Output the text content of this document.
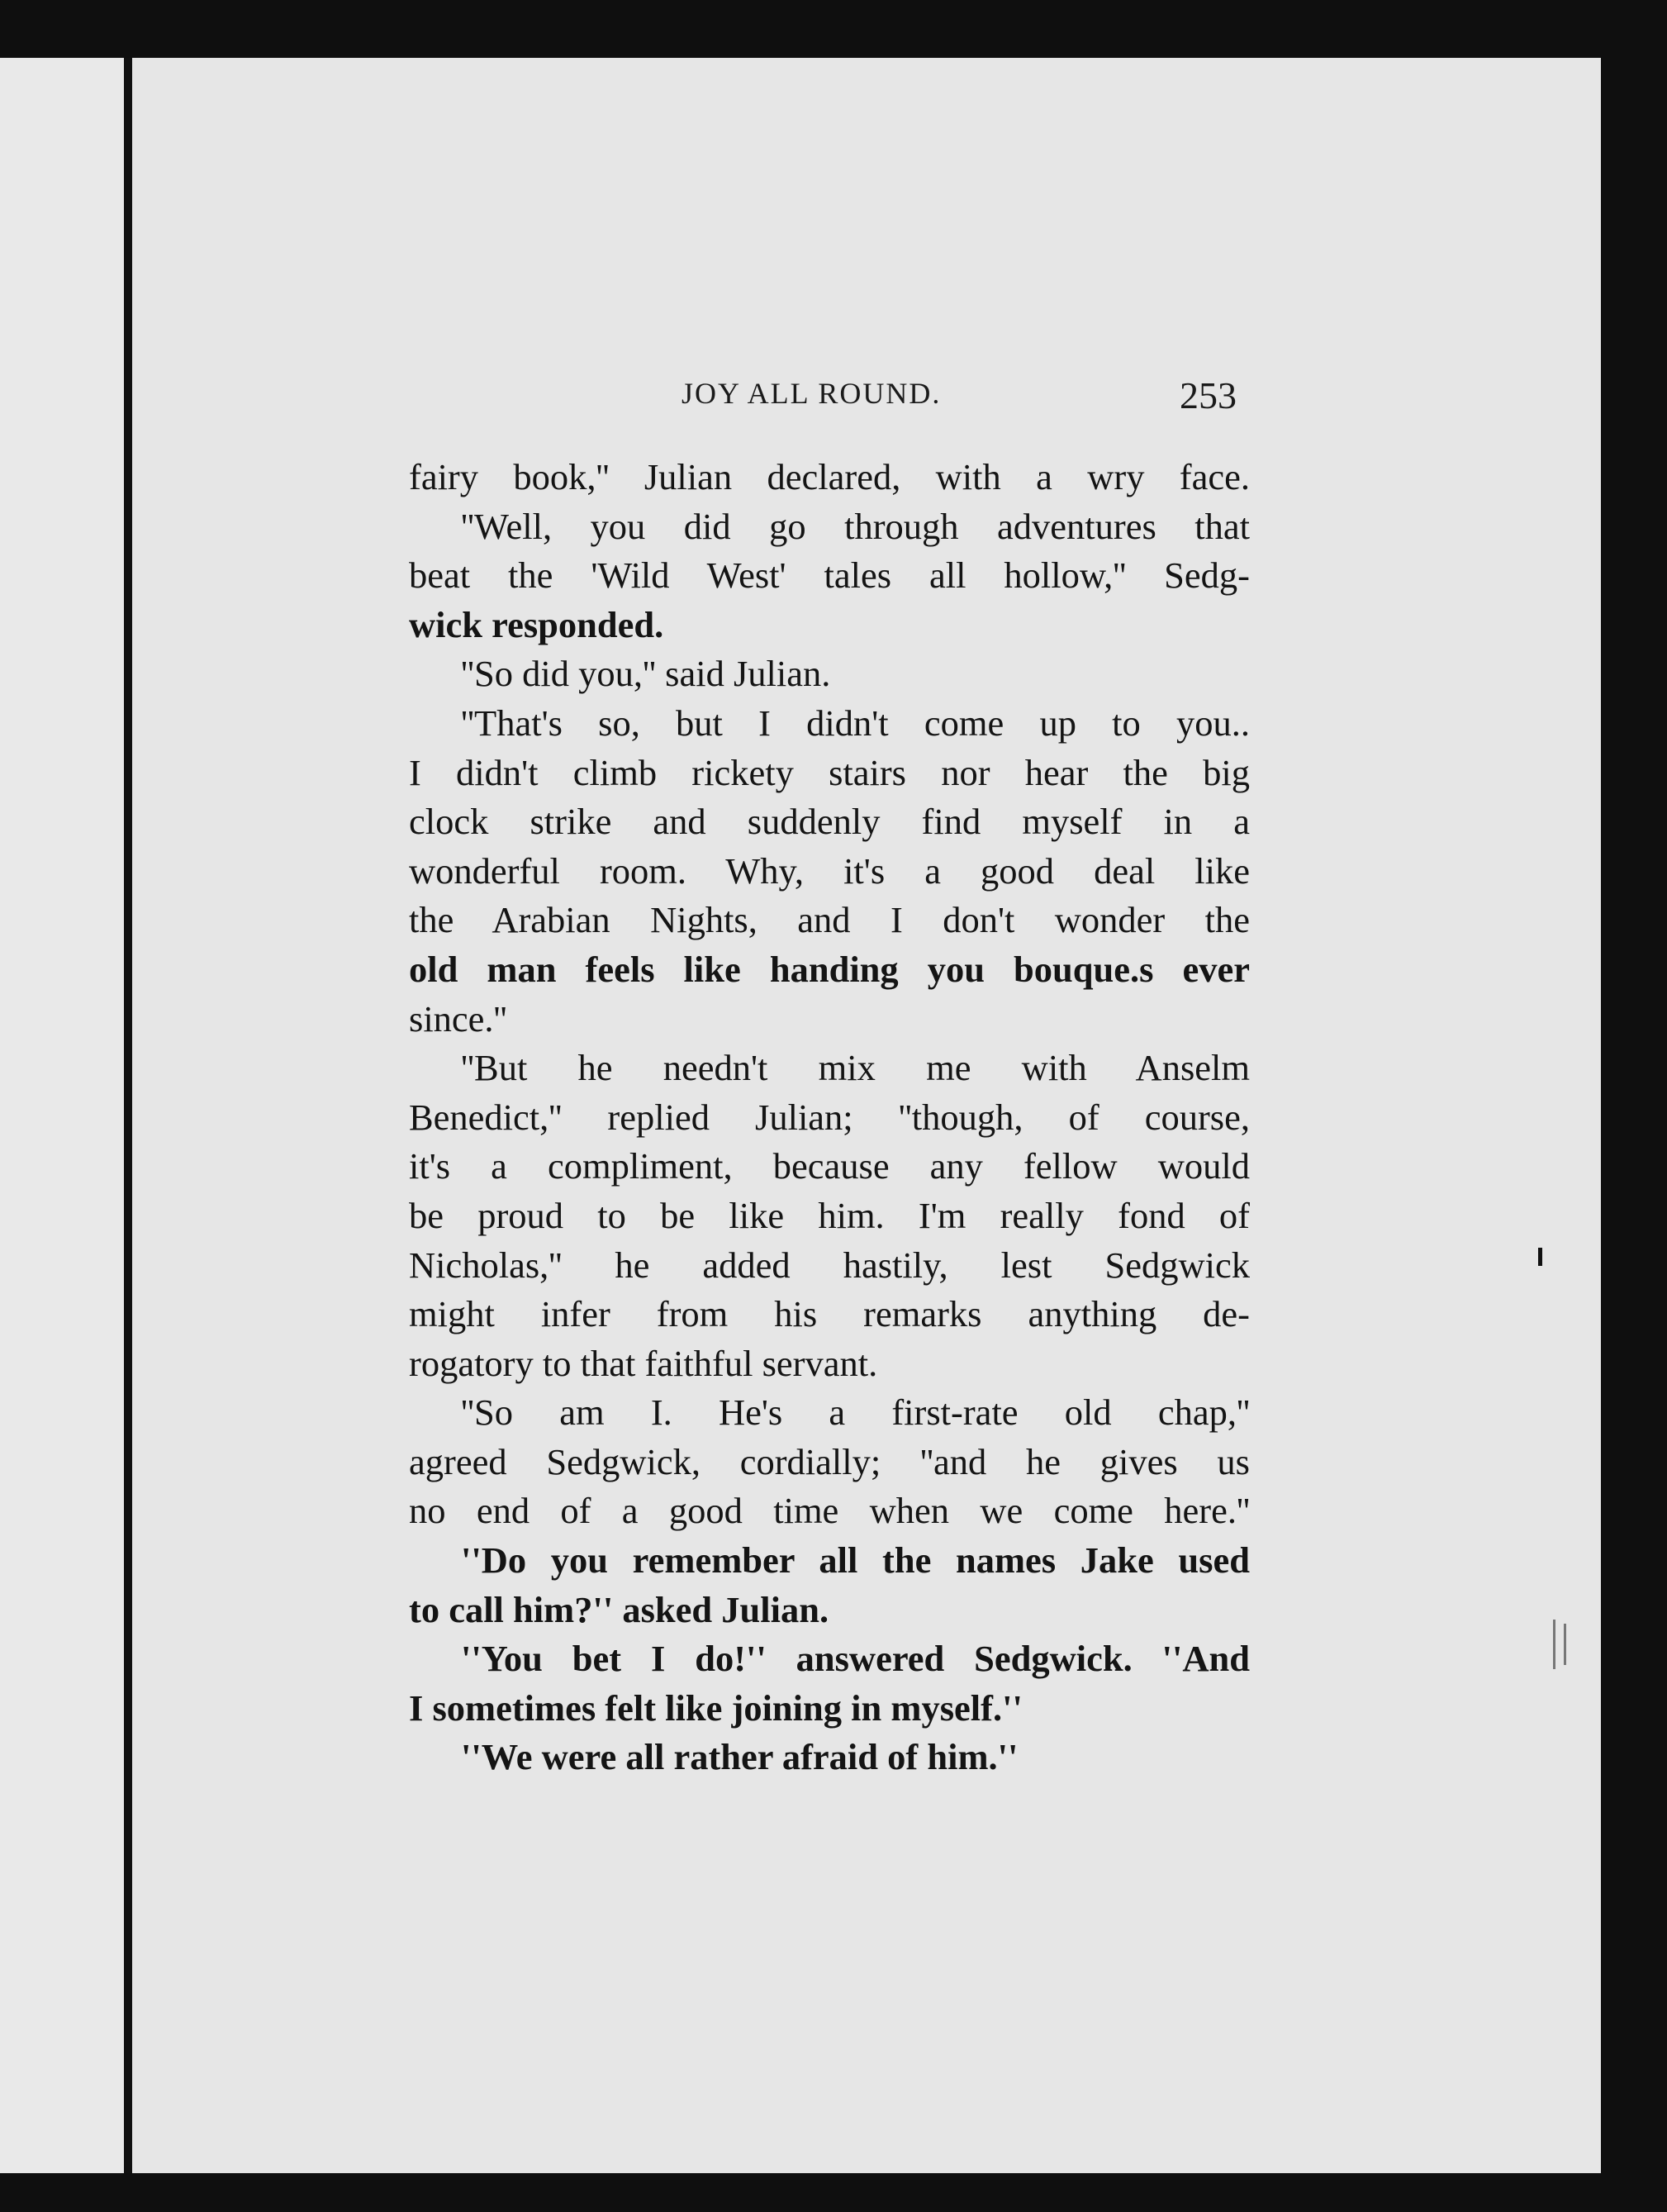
JOY ALL ROUND.	253
fairy book,'' Julian declared, with a wry face.
''Well, you did go through adventures that
beat the 'Wild West' tales all hollow,'' Sedg-
wick responded.
''So did you,'' said Julian.
''That's so, but I didn't come up to you..
I didn't climb rickety stairs nor hear the big
clock strike and suddenly find myself in a
wonderful room. Why, it's a good deal like
the Arabian Nights, and I don't wonder the
old man feels like handing you bouque.s ever
since.''
''But he needn't mix me with Anselm
Benedict,'' replied Julian; ''though, of course,
it's a compliment, because any fellow would
be proud to be like him. I'm really fond of
Nicholas,'' he added hastily, lest Sedgwick
might infer from his remarks anything de-
rogatory to that faithful servant.
''So am I. He's a first-rate old chap,''
agreed Sedgwick, cordially; ''and he gives us
no end of a good time when we come here.''
''Do you remember all the names Jake used
to call him?'' asked Julian.
''You bet I do!'' answered Sedgwick. ''And
I sometimes felt like joining in myself.''
''We were all rather afraid of him.''
